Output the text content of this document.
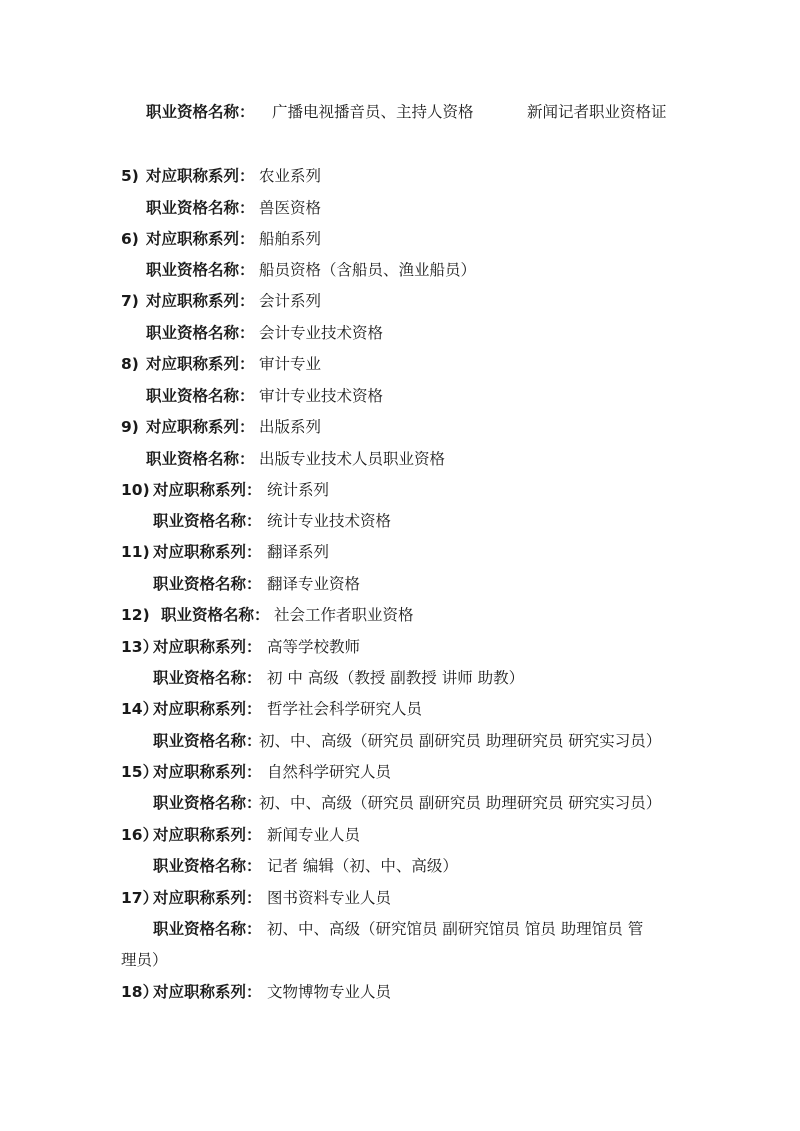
职业资格名称： 广播电视播音员、主持人资格	新闻记者职业资格证
5) 对应职称系列： 农业系列
职业资格名称： 兽医资格
6) 对应职称系列： 船舶系列
职业资格名称： 船员资格（含船员、渔业船员）
7) 对应职称系列： 会计系列
职业资格名称： 会计专业技术资格
8) 对应职称系列： 审计专业
职业资格名称： 审计专业技术资格
9) 对应职称系列： 出版系列
职业资格名称： 出版专业技术人员职业资格
10) 对应职称系列： 统计系列
职业资格名称： 统计专业技术资格
11) 对应职称系列： 翻译系列
职业资格名称： 翻译专业资格
12) 职业资格名称： 社会工作者职业资格
13）
对应职称系列： 高等学校教师
职业资格名称： 初 中 高级（教授 副教授 讲师 助教）
14）
对应职称系列： 哲学社会科学研究人员
职业资格名称：
初、中、高级（研究员 副研究员 助理研究员 研究实习员）
15）
对应职称系列： 自然科学研究人员
职业资格名称：
初、中、高级（研究员 副研究员 助理研究员 研究实习员）
16）
对应职称系列： 新闻专业人员
职业资格名称： 记者 编辑（初、中、高级）
17）
对应职称系列： 图书资料专业人员
职业资格名称： 初、中、高级（研究馆员 副研究馆员 馆员 助理馆员 管
理员）
18）
对应职称系列： 文物博物专业人员
